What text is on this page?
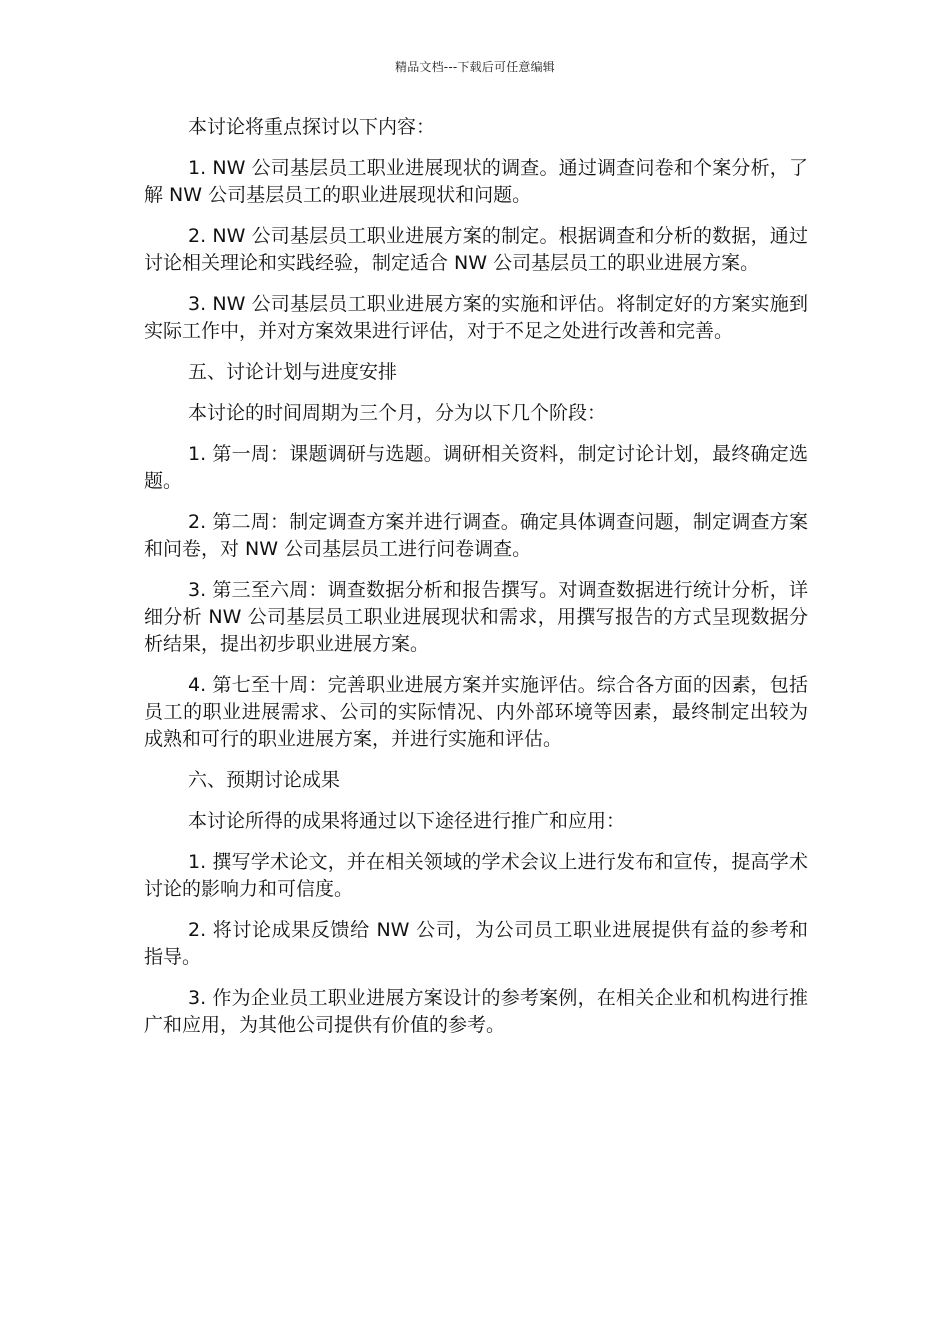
精品文档---下载后可任意编辑

本讨论将重点探讨以下内容：

1. NW 公司基层员工职业进展现状的调查。通过调查问卷和个案分析，了解 NW 公司基层员工的职业进展现状和问题。

2. NW 公司基层员工职业进展方案的制定。根据调查和分析的数据，通过讨论相关理论和实践经验，制定适合 NW 公司基层员工的职业进展方案。

3. NW 公司基层员工职业进展方案的实施和评估。将制定好的方案实施到实际工作中，并对方案效果进行评估，对于不足之处进行改善和完善。

五、讨论计划与进度安排

本讨论的时间周期为三个月，分为以下几个阶段：

1. 第一周：课题调研与选题。调研相关资料，制定讨论计划，最终确定选题。

2. 第二周：制定调查方案并进行调查。确定具体调查问题，制定调查方案和问卷，对 NW 公司基层员工进行问卷调查。

3. 第三至六周：调查数据分析和报告撰写。对调查数据进行统计分析，详细分析 NW 公司基层员工职业进展现状和需求，用撰写报告的方式呈现数据分析结果，提出初步职业进展方案。

4. 第七至十周：完善职业进展方案并实施评估。综合各方面的因素，包括员工的职业进展需求、公司的实际情况、内外部环境等因素，最终制定出较为成熟和可行的职业进展方案，并进行实施和评估。

六、预期讨论成果

本讨论所得的成果将通过以下途径进行推广和应用：

1. 撰写学术论文，并在相关领域的学术会议上进行发布和宣传，提高学术讨论的影响力和可信度。

2. 将讨论成果反馈给 NW 公司，为公司员工职业进展提供有益的参考和指导。

3. 作为企业员工职业进展方案设计的参考案例，在相关企业和机构进行推广和应用，为其他公司提供有价值的参考。
